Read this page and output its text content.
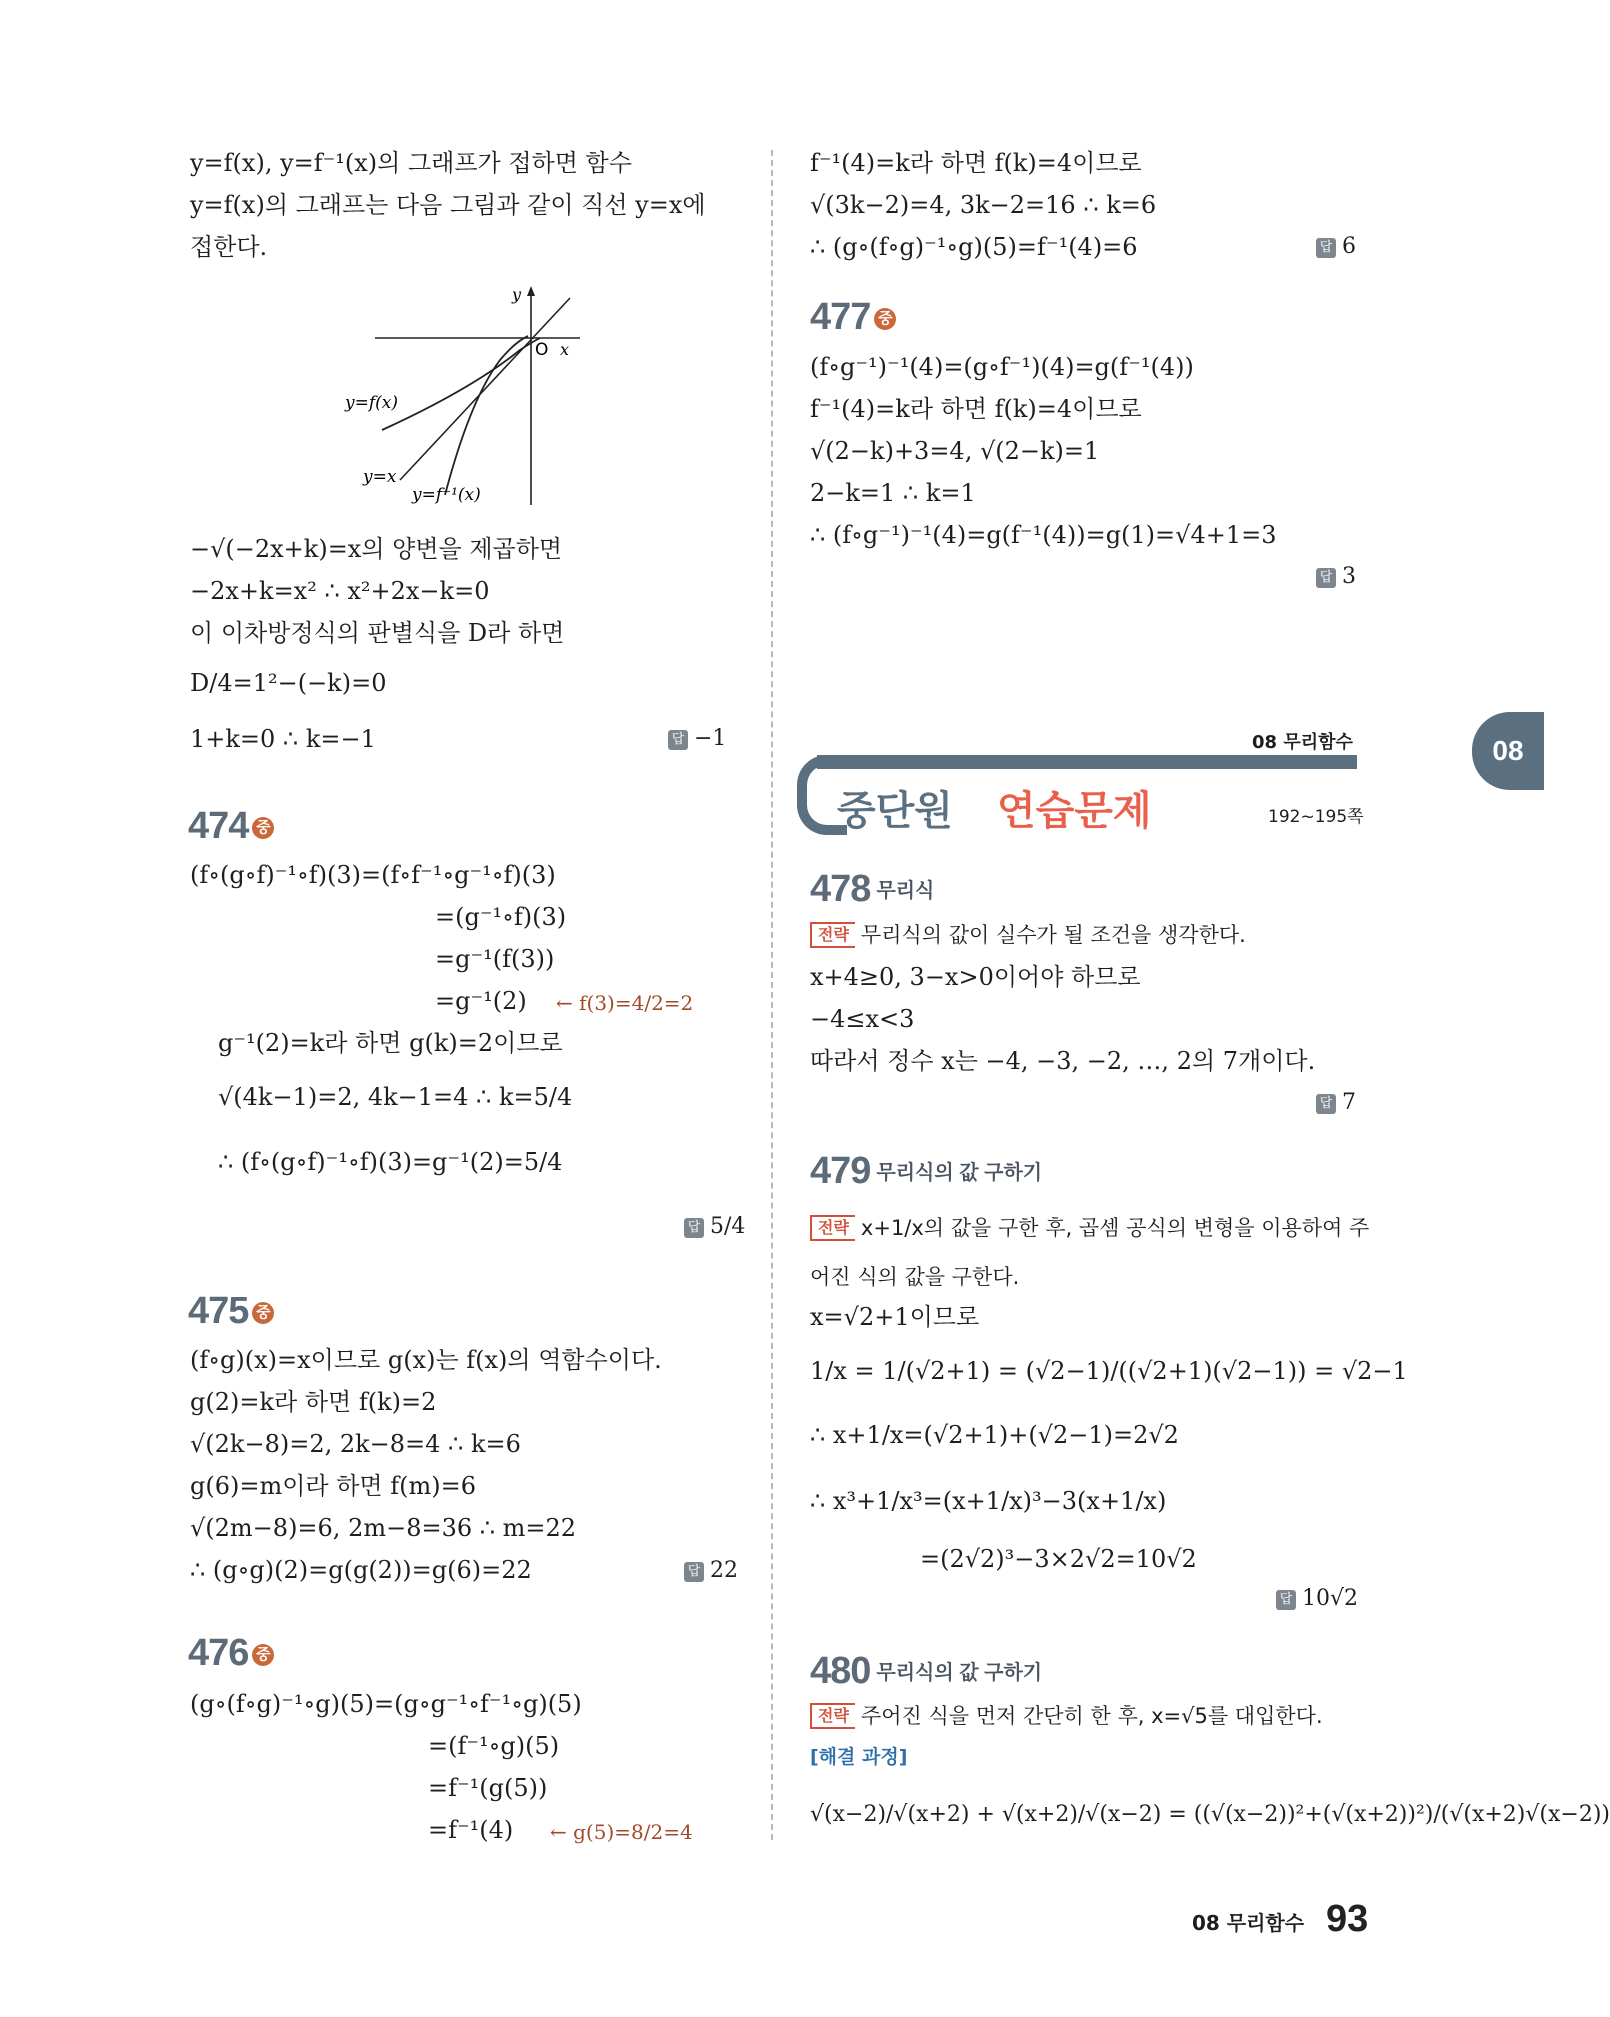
y=f(x), y=f⁻¹(x)의 그래프가 접하면 함수
y=f(x)의 그래프는 다음 그림과 같이 직선 y=x에
접한다.
y
O x
y=f(x)
y=x
y=f⁻¹(x)
−√(−2x+k)=x의 양변을 제곱하면
−2x+k=x² ∴ x²+2x−k=0
이 이차방정식의 판별식을 D라 하면
D/4=1²−(−k)=0
1+k=0 ∴ k=−1	답 −1
474 중
(f∘(g∘f)⁻¹∘f)(3)=(f∘f⁻¹∘g⁻¹∘f)(3)
=(g⁻¹∘f)(3)
=g⁻¹(f(3))
=g⁻¹(2) ← f(3)=4/2=2
g⁻¹(2)=k라 하면 g(k)=2이므로
√(4k−1)=2, 4k−1=4 ∴ k=5/4
∴ (f∘(g∘f)⁻¹∘f)(3)=g⁻¹(2)=5/4
답 5/4
475 중
(f∘g)(x)=x이므로 g(x)는 f(x)의 역함수이다.
g(2)=k라 하면 f(k)=2
√(2k−8)=2, 2k−8=4 ∴ k=6
g(6)=m이라 하면 f(m)=6
√(2m−8)=6, 2m−8=36 ∴ m=22
∴ (g∘g)(2)=g(g(2))=g(6)=22	답 22
476 중
(g∘(f∘g)⁻¹∘g)(5)=(g∘g⁻¹∘f⁻¹∘g)(5)
=(f⁻¹∘g)(5)
=f⁻¹(g(5))
=f⁻¹(4) ← g(5)=8/2=4
f⁻¹(4)=k라 하면 f(k)=4이므로
√(3k−2)=4, 3k−2=16 ∴ k=6
∴ (g∘(f∘g)⁻¹∘g)(5)=f⁻¹(4)=6	답 6
477 중
(f∘g⁻¹)⁻¹(4)=(g∘f⁻¹)(4)=g(f⁻¹(4))
f⁻¹(4)=k라 하면 f(k)=4이므로
√(2−k)+3=4, √(2−k)=1
2−k=1 ∴ k=1
∴ (f∘g⁻¹)⁻¹(4)=g(f⁻¹(4))=g(1)=√4+1=3
답 3
08 무리함수
중단원 연습문제	192~195쪽
08
478 무리식
전략 무리식의 값이 실수가 될 조건을 생각한다.
x+4≥0, 3−x>0이어야 하므로
−4≤x<3
따라서 정수 x는 −4, −3, −2, …, 2의 7개이다.
답 7
479 무리식의 값 구하기
전략 x+1/x의 값을 구한 후, 곱셈 공식의 변형을 이용하여 주
어진 식의 값을 구한다.
x=√2+1이므로
1/x = 1/(√2+1) = (√2−1)/((√2+1)(√2−1)) = √2−1
∴ x+1/x=(√2+1)+(√2−1)=2√2
∴ x³+1/x³=(x+1/x)³−3(x+1/x)
=(2√2)³−3×2√2=10√2
답 10√2
480 무리식의 값 구하기
전략 주어진 식을 먼저 간단히 한 후, x=√5를 대입한다.
[해결 과정]
√(x−2)/√(x+2) + √(x+2)/√(x−2) = ((√(x−2))²+(√(x+2))²)/(√(x+2)√(x−2))
08 무리함수 93
